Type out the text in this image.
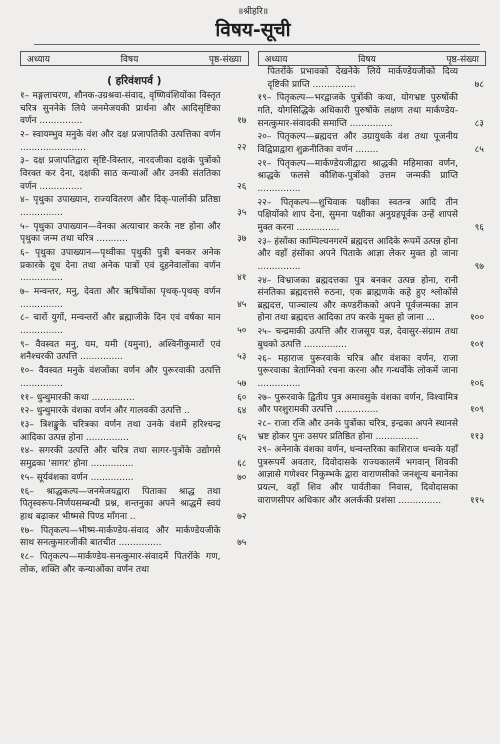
॥श्रीहरि॥
विषय-सूची
अध्याय	विषय	पृष्ठ-संख्या
( हरिवंशपर्व )
१– मङ्गलाचरण, शौनक-उग्रश्रवा-संवाद, वृष्णिवंशियोंका विस्तृत चरित्र सुननेके लिये जनमेजयकी प्रार्थना और आदिसृष्टिका वर्णन ...............	१७
२– स्वायम्भुव मनुके वंश और दक्ष प्रजापतिकी उत्पत्तिका वर्णन .......................	२२
३– दक्ष प्रजापतिद्वारा सृष्टि-विस्तार, नारदजीका दक्षके पुत्रोंको विरक्त कर देना, दक्षकी साठ कन्याओं और उनकी संततिका वर्णन ...............	२६
४– पृथुका उपाख्यान, राज्यवितरण और दिक्-पालोंकी प्रतिष्ठा ...............	३५
५– पृथुका उपाख्यान—वेनका अत्याचार करके नष्ट होना और पृथुका जन्म तथा चरित्र ...........	३७
६– पृथुका उपाख्यान—पृथ्वीका पृथुकी पुत्री बनकर अनेक प्रकारके दूध देना तथा अनेक पात्रों एवं दुहनेवालोंका वर्णन ...............	४१
७– मन्वन्तर, मनु, देवता और ऋषियोंका पृथक्-पृथक् वर्णन ...............	४५
८– चारों युगों, मन्वन्तरों और ब्रह्माजीके दिन एवं वर्षका मान ...............	५०
९– वैवस्वत मनु, यम, यमी (यमुना), अश्विनीकुमारों एवं शनैश्चरकी उत्पत्ति ...............	५३
१०– वैवस्वत मनुके वंशजोंका वर्णन और पुरूरवाकी उत्पत्ति ...............	५७
११– धुन्धुमारकी कथा ...............	६०
१२– धुन्धुमारके वंशका वर्णन और गालवकी उत्पत्ति ..	६४
१३– त्रिशङ्कुके चरित्रका वर्णन तथा उनके वंशमें हरिश्चन्द्र आदिका उत्पन्न होना ...............	६५
१४– सगरकी उत्पत्ति और चरित्र तथा सागर-पुत्रोंके उद्योगसे समुद्रका 'सागर' होना ...............	६८
१५– सूर्यवंशका वर्णन ...............	७०
१६– श्राद्धकल्प—जनमेजयद्वारा पिताका श्राद्ध तथा पितृस्वरूप-निर्णयसम्बन्धी प्रश्न, शन्तनुका अपने श्राद्धमें स्वयं हाथ बढ़ाकर भीष्मसे पिण्ड माँगना ..	७२
१७– पितृकल्प—भीष्म-मार्कण्डेय-संवाद और मार्कण्डेयजीके साथ सनत्कुमारजीकी बातचीत ...............	७५
१८– पितृकल्प—मार्कण्डेय-सनत्कुमार-संवादमें पितरोंके गण, लोक, शक्ति और कन्याओंका वर्णन तथा
अध्याय	विषय	पृष्ठ-संख्या
पितरोंके प्रभावको देखनेके लिये मार्कण्डेयजीको दिव्य दृष्टिकी प्राप्ति ...............	७८
१९– पितृकल्प—भरद्वाजके पुत्रोंकी कथा, योगभ्रष्ट पुरुषोंकी गति, योगसिद्धिके अधिकारी पुरुषोंके लक्षण तथा मार्कण्डेय-सनत्कुमार-संवादकी समाप्ति ...............	८३
२०– पितृकल्प—ब्रह्मदत्त और उग्रायुधके वंश तथा पूजनीय विद्विप्राद्वारा शुक्रनीतिका वर्णन ........	८५
२१– पितृकल्प—मार्कण्डेयजीद्वारा श्राद्धकी महिमाका वर्णन, श्राद्धके फलसे कौशिक-पुत्रोंको उत्तम जन्मकी प्राप्ति ...............
२२– पितृकल्प—शुचिवाक पक्षीका स्वतन्त्र आदि तीन पक्षियोंको शाप देना, सुमना पक्षीका अनुग्रहपूर्वक उन्हें शापसे मुक्त करना ...............	९६
२३– हंसोंका काम्पिल्यनगरमें ब्रह्मदत्त आदिके रूपमें उत्पन्न होना और वहाँ हंसोंका अपने पिताके आज्ञा लेकर मुक्त हो जाना ...............	९७
२४– विभ्राजका ब्रह्मदत्तका पुत्र बनकर उत्पन्न होना, रानी संनतिका ब्रह्मदत्तसे रुठना, एक ब्राह्मणके कहे हुए श्लोकोंसे ब्रह्मदत्त, पाञ्चाल्य और कण्डरीकको अपने पूर्वजन्मका ज्ञान होना तथा ब्रह्मदत्त आदिका तप करके मुक्त हो जाना ...	१००
२५– चन्द्रमाकी उत्पत्ति और राजसूय यज्ञ, देवासुर-संग्राम तथा बुधको उत्पत्ति ...............	१०१
२६– महाराज पुरूरवाके चरित्र और वंशका वर्णन, राजा पुरूरवाका त्रेताग्निको रचना करना और गन्धर्वोंके लोकमें जाना ...............	१०६
२७– पुरूरवाके द्वितीय पुत्र अमावसुके वंशका वर्णन, विश्वामित्र और परशुरामकी उत्पत्ति ...............	१०९
२८– राजा रजि और उनके पुत्रोंका चरित्र, इन्द्रका अपने स्थानसे भ्रष्ट होकर पुनः उसपर प्रतिष्ठित होना ...............	११३
२९– अनेनाके वंशका वर्णन, धन्वन्तरिका काशिराज धन्वके यहाँ पुत्ररूपमें अवतार, दिवोदासके राज्यकालमें भगवान् शिवकी आज्ञासे गणेश्वर निकुम्भके द्वारा वाराणसीको जनशून्य बनानेका प्रयत्न, वहाँ शिव और पार्वतीका निवास, दिवोदासका वाराणसीपर अधिकार और अलर्ककी प्रशंसा ...............	११५
